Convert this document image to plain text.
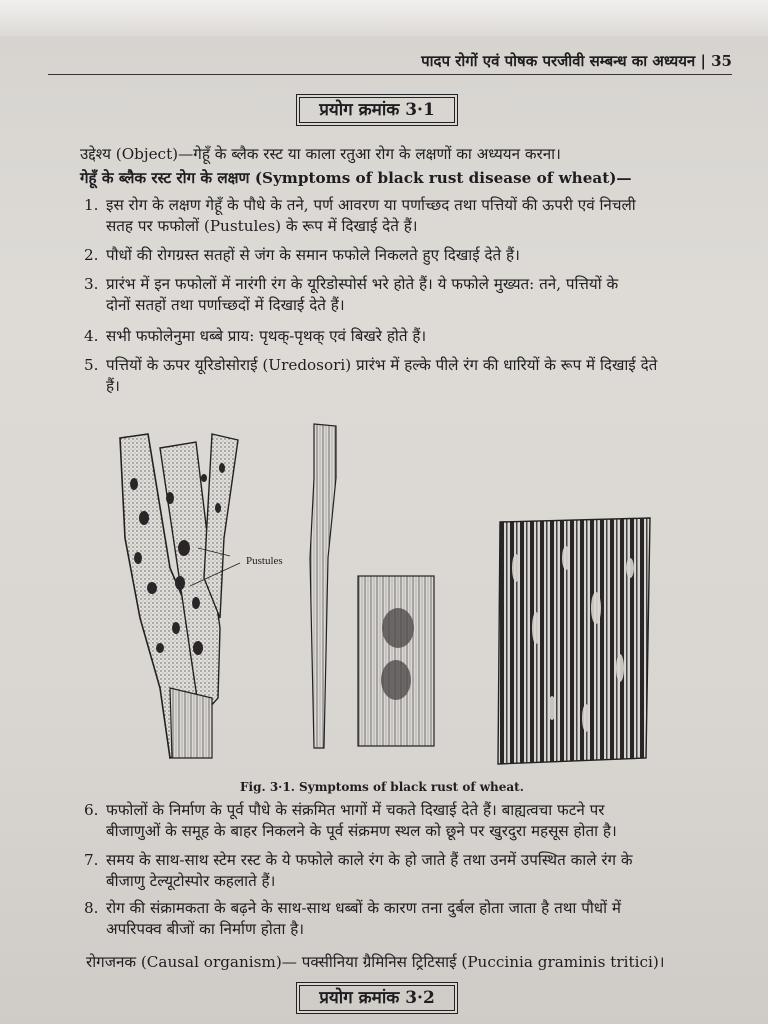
पादप रोगों एवं पोषक परजीवी सम्बन्ध का अध्ययन | 35
प्रयोग क्रमांक 3·1
उद्देश्य (Object)—गेहूँ के ब्लैक रस्ट या काला रतुआ रोग के लक्षणों का अध्ययन करना।
गेहूँ के ब्लैक रस्ट रोग के लक्षण (Symptoms of black rust disease of wheat)—
1. इस रोग के लक्षण गेहूँ के पौधे के तने, पर्ण आवरण या पर्णाच्छद तथा पत्तियों की ऊपरी एवं निचली
सतह पर फफोलों (Pustules) के रूप में दिखाई देते हैं।
2. पौधों की रोगग्रस्त सतहों से जंग के समान फफोले निकलते हुए दिखाई देते हैं।
3. प्रारंभ में इन फफोलों में नारंगी रंग के यूरिडोस्पोर्स भरे होते हैं। ये फफोले मुख्यत: तने, पत्तियों के
दोनों सतहों तथा पर्णाच्छदों में दिखाई देते हैं।
4. सभी फफोलेनुमा धब्बे प्राय: पृथक्-पृथक् एवं बिखरे होते हैं।
5. पत्तियों के ऊपर यूरिडोसोराई (Uredosori) प्रारंभ में हल्के पीले रंग की धारियों के रूप में दिखाई देते
हैं।
Pustules
Fig. 3·1. Symptoms of black rust of wheat.
6. फफोलों के निर्माण के पूर्व पौधे के संक्रमित भागों में चकते दिखाई देते हैं। बाह्यत्वचा फटने पर
बीजाणुओं के समूह के बाहर निकलने के पूर्व संक्रमण स्थल को छूने पर खुरदुरा महसूस होता है।
7. समय के साथ-साथ स्टेम रस्ट के ये फफोले काले रंग के हो जाते हैं तथा उनमें उपस्थित काले रंग के
बीजाणु टेल्यूटोस्पोर कहलाते हैं।
8. रोग की संक्रामकता के बढ़ने के साथ-साथ धब्बों के कारण तना दुर्बल होता जाता है तथा पौधों में
अपरिपक्व बीजों का निर्माण होता है।
रोगजनक (Causal organism)— पक्सीनिया ग्रैमिनिस ट्रिटिसाई (Puccinia graminis tritici)।
प्रयोग क्रमांक 3·2
